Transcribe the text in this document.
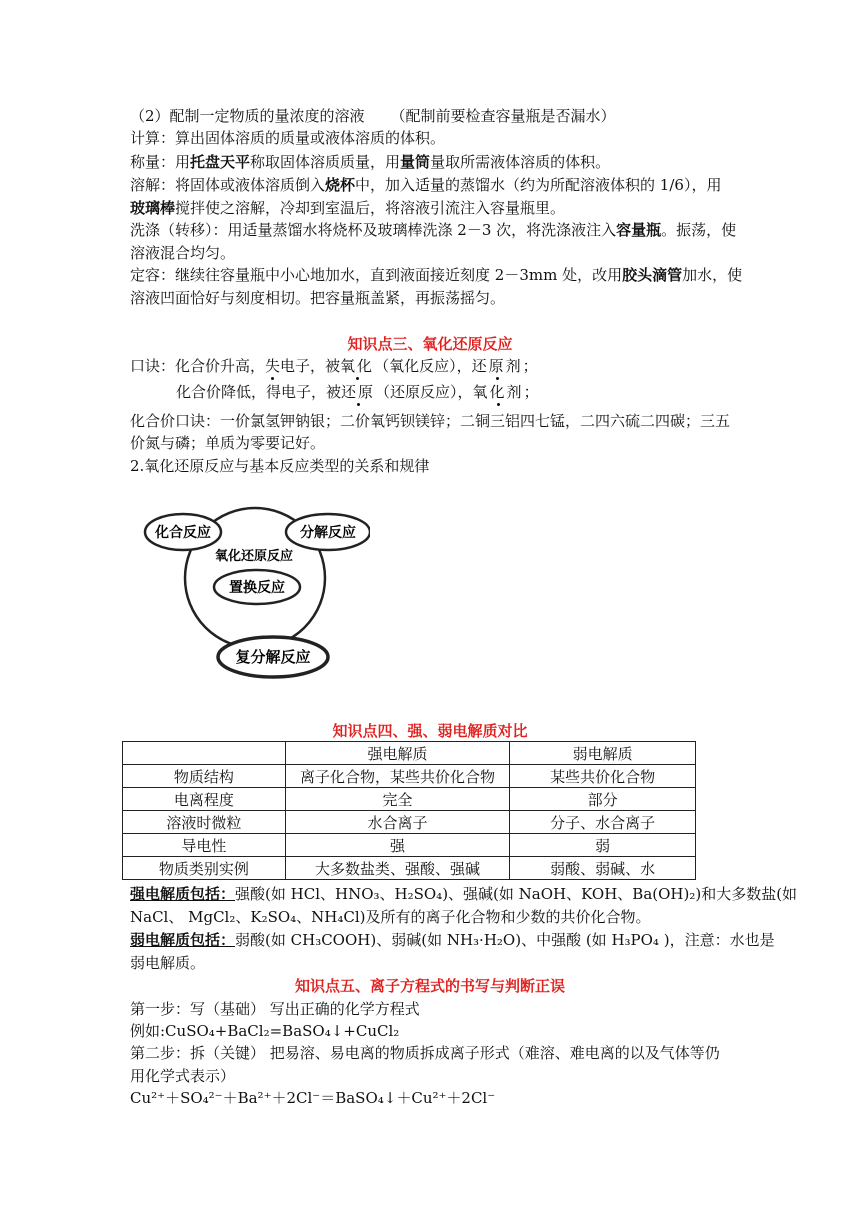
（2）配制一定物质的量浓度的溶液 （配制前要检查容量瓶是否漏水）
计算：算出固体溶质的质量或液体溶质的体积。
称量：用托盘天平称取固体溶质质量，用量筒量取所需液体溶质的体积。
溶解：将固体或液体溶质倒入烧杯中，加入适量的蒸馏水（约为所配溶液体积的 1/6），用
玻璃棒搅拌使之溶解，冷却到室温后，将溶液引流注入容量瓶里。
洗涤（转移）：用适量蒸馏水将烧杯及玻璃棒洗涤 2－3 次，将洗涤液注入容量瓶。振荡，使
溶液混合均匀。
定容：继续往容量瓶中小心地加水，直到液面接近刻度 2－3mm 处，改用胶头滴管加水，使
溶液凹面恰好与刻度相切。把容量瓶盖紧，再振荡摇匀。
知识点三、氧化还原反应
口诀：化合价升高，失电子，被氧化（氧化反应），还原剂；
化合价降低，得电子，被还原（还原反应），氧化剂；
化合价口诀：一价氯氢钾钠银；二价氧钙钡镁锌；二铜三铝四七锰，二四六硫二四碳；三五
价氮与磷；单质为零要记好。
2.氧化还原反应与基本反应类型的关系和规律
化合反应	分解反应
氧化还原反应
置换反应
复分解反应
知识点四、强、弱电解质对比
	强电解质	弱电解质
物质结构	离子化合物，某些共价化合物	某些共价化合物
电离程度	完全	部分
溶液时微粒	水合离子	分子、水合离子
导电性	强	弱
物质类别实例	大多数盐类、强酸、强碱	弱酸、弱碱、水
强电解质包括：强酸(如 HCl、HNO₃、H₂SO₄)、强碱(如 NaOH、KOH、Ba(OH)₂)和大多数盐(如
NaCl、 MgCl₂、K₂SO₄、NH₄Cl)及所有的离子化合物和少数的共价化合物。
弱电解质包括：弱酸(如 CH₃COOH)、弱碱(如 NH₃·H₂O)、中强酸 (如 H₃PO₄ )，注意：水也是
弱电解质。
知识点五、离子方程式的书写与判断正误
第一步：写（基础） 写出正确的化学方程式
例如:CuSO₄+BaCl₂=BaSO₄↓+CuCl₂
第二步：拆（关键） 把易溶、易电离的物质拆成离子形式（难溶、难电离的以及气体等仍
用化学式表示）
Cu²⁺＋SO₄²⁻＋Ba²⁺＋2Cl⁻＝BaSO₄↓＋Cu²⁺＋2Cl⁻
